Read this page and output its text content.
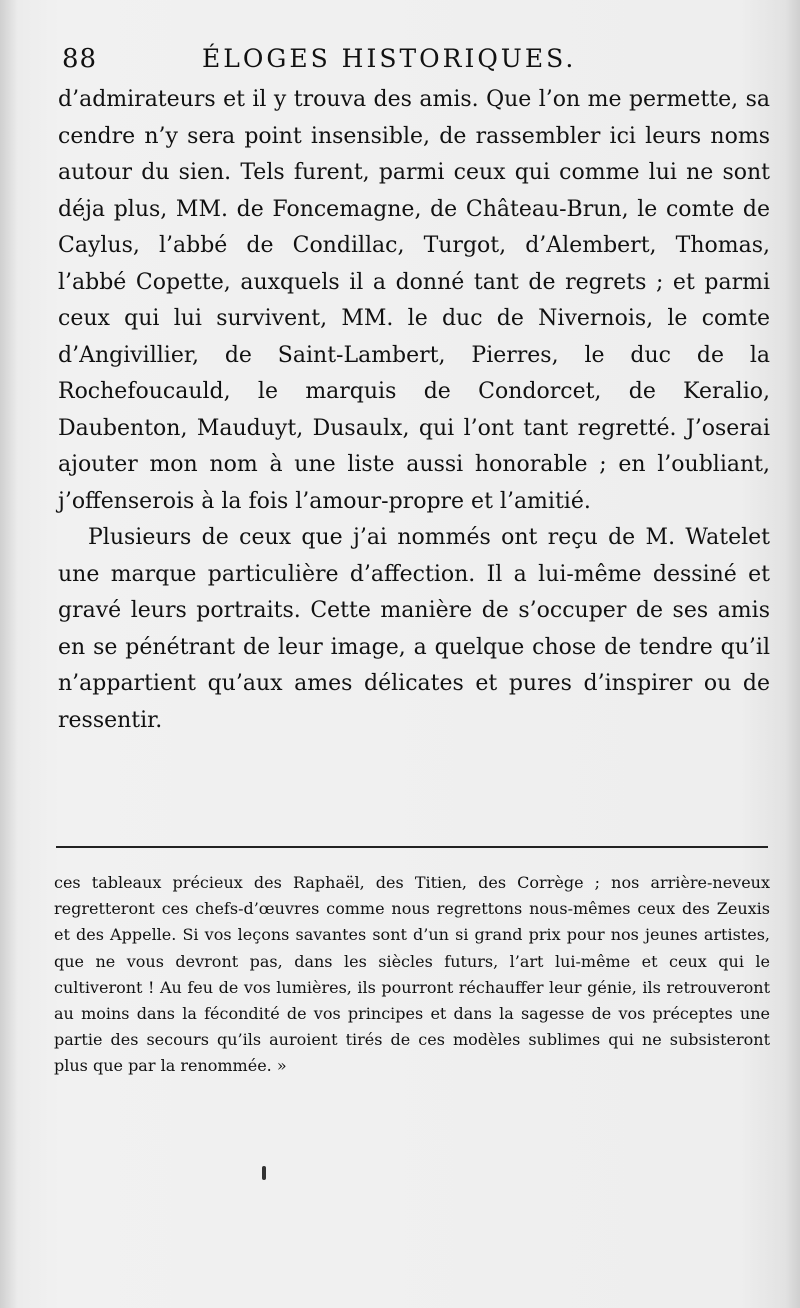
88	ÉLOGES HISTORIQUES.

d’admirateurs et il y trouva des amis. Que l’on me permette, sa cendre n’y sera point insensible, de rassembler ici leurs noms autour du sien. Tels furent, parmi ceux qui comme lui ne sont déja plus, MM. de Foncemagne, de Château-Brun, le comte de Caylus, l’abbé de Condillac, Turgot, d’Alembert, Thomas, l’abbé Copette, auxquels il a donné tant de regrets ; et parmi ceux qui lui survivent, MM. le duc de Nivernois, le comte d’Angivillier, de Saint-Lambert, Pierres, le duc de la Rochefoucauld, le marquis de Condorcet, de Keralio, Daubenton, Mauduyt, Dusaulx, qui l’ont tant regretté. J’oserai ajouter mon nom à une liste aussi honorable ; en l’oubliant, j’offenserois à la fois l’amour-propre et l’amitié.

Plusieurs de ceux que j’ai nommés ont reçu de M. Watelet une marque particulière d’affection. Il a lui-même dessiné et gravé leurs portraits. Cette manière de s’occuper de ses amis en se pénétrant de leur image, a quelque chose de tendre qu’il n’appartient qu’aux ames délicates et pures d’inspirer ou de ressentir.

ces tableaux précieux des Raphaël, des Titien, des Corrège ; nos arrière-neveux regretteront ces chefs-d’œuvres comme nous regrettons nous-mêmes ceux des Zeuxis et des Appelle. Si vos leçons savantes sont d’un si grand prix pour nos jeunes artistes, que ne vous devront pas, dans les siècles futurs, l’art lui-même et ceux qui le cultiveront ! Au feu de vos lumières, ils pourront réchauffer leur génie, ils retrouveront au moins dans la fécondité de vos principes et dans la sagesse de vos préceptes une partie des secours qu’ils auroient tirés de ces modèles sublimes qui ne subsisteront plus que par la renommée. »
